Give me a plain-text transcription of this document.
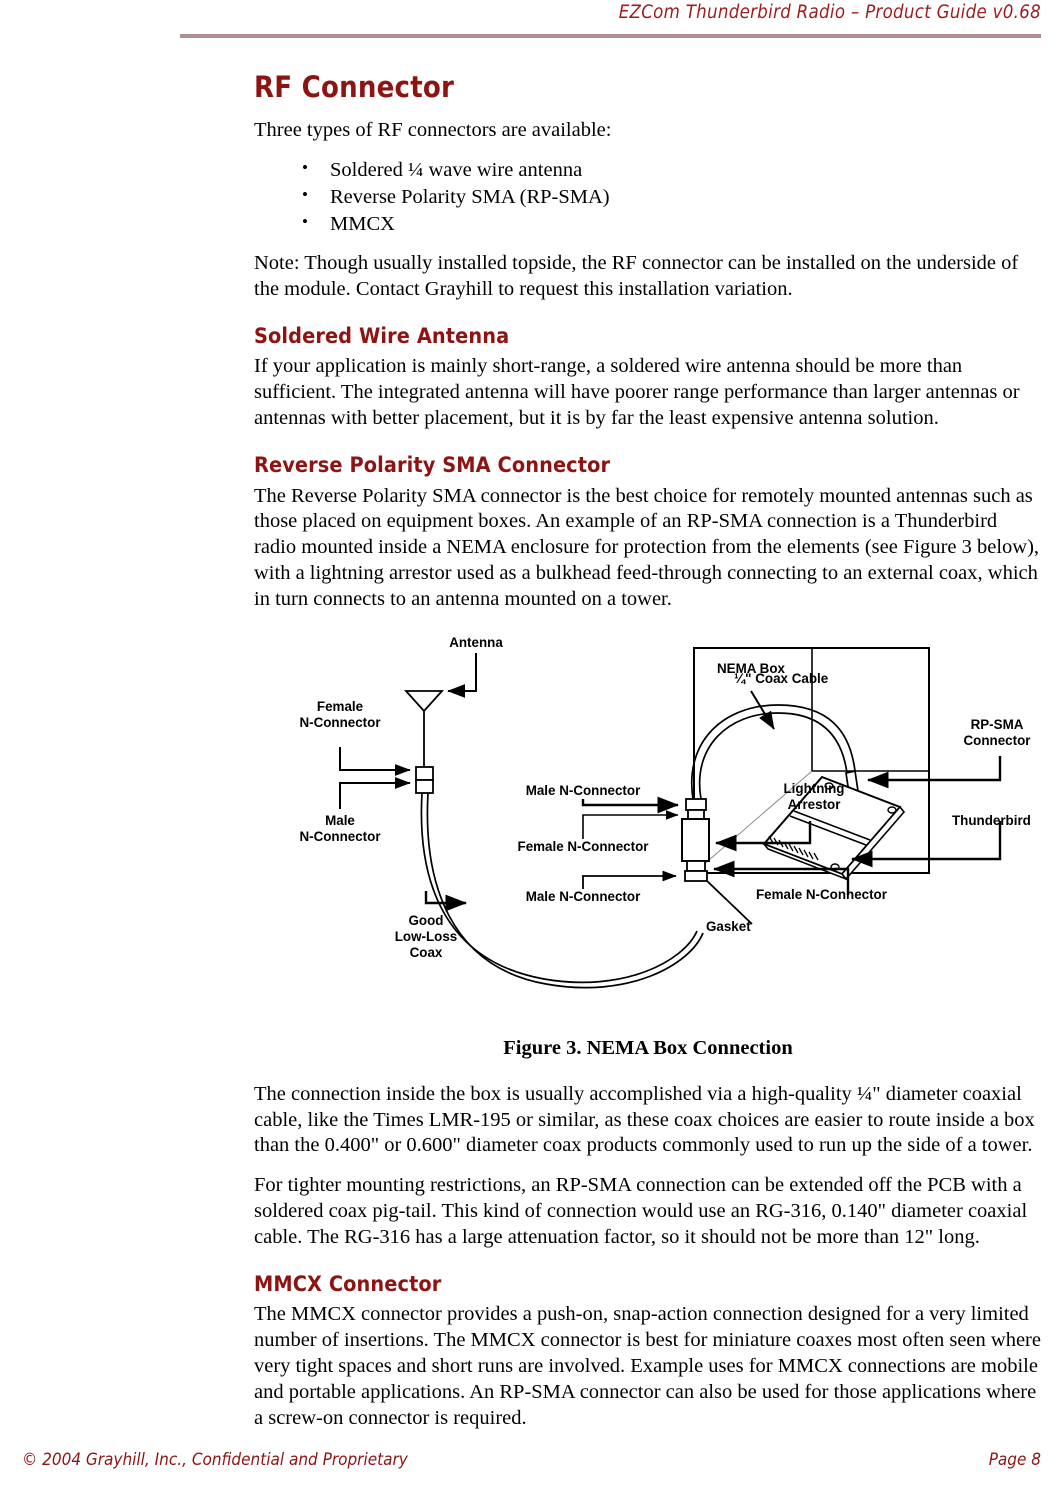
EZCom Thunderbird Radio – Product Guide v0.68
RF Connector

Three types of RF connectors are available:

• Soldered ¼ wave wire antenna
• Reverse Polarity SMA (RP-SMA)
• MMCX

Note: Though usually installed topside, the RF connector can be installed on the underside of the module. Contact Grayhill to request this installation variation.

Soldered Wire Antenna

If your application is mainly short-range, a soldered wire antenna should be more than sufficient. The integrated antenna will have poorer range performance than larger antennas or antennas with better placement, but it is by far the least expensive antenna solution.

Reverse Polarity SMA Connector

The Reverse Polarity SMA connector is the best choice for remotely mounted antennas such as those placed on equipment boxes. An example of an RP-SMA connection is a Thunderbird radio mounted inside a NEMA enclosure for protection from the elements (see Figure 3 below), with a lightning arrestor used as a bulkhead feed-through connecting to an external coax, which in turn connects to an antenna mounted on a tower.

Antenna
Female
N-Connector
Male
N-Connector
Good
Low-Loss
Coax
Male N-Connector
Female N-Connector
Male N-Connector
NEMA Box
¼" Coax Cable
Lightning
Arrestor
Female N-Connector
Gasket
RP-SMA
Connector
Thunderbird
Figure 3. NEMA Box Connection

The connection inside the box is usually accomplished via a high-quality ¼" diameter coaxial cable, like the Times LMR-195 or similar, as these coax choices are easier to route inside a box than the 0.400" or 0.600" diameter coax products commonly used to run up the side of a tower.

For tighter mounting restrictions, an RP-SMA connection can be extended off the PCB with a soldered coax pig-tail. This kind of connection would use an RG-316, 0.140" diameter coaxial cable. The RG-316 has a large attenuation factor, so it should not be more than 12" long.

MMCX Connector

The MMCX connector provides a push-on, snap-action connection designed for a very limited number of insertions. The MMCX connector is best for miniature coaxes most often seen where very tight spaces and short runs are involved. Example uses for MMCX connections are mobile and portable applications. An RP-SMA connector can also be used for those applications where a screw-on connector is required.

© 2004 Grayhill, Inc., Confidential and Proprietary	Page 8
